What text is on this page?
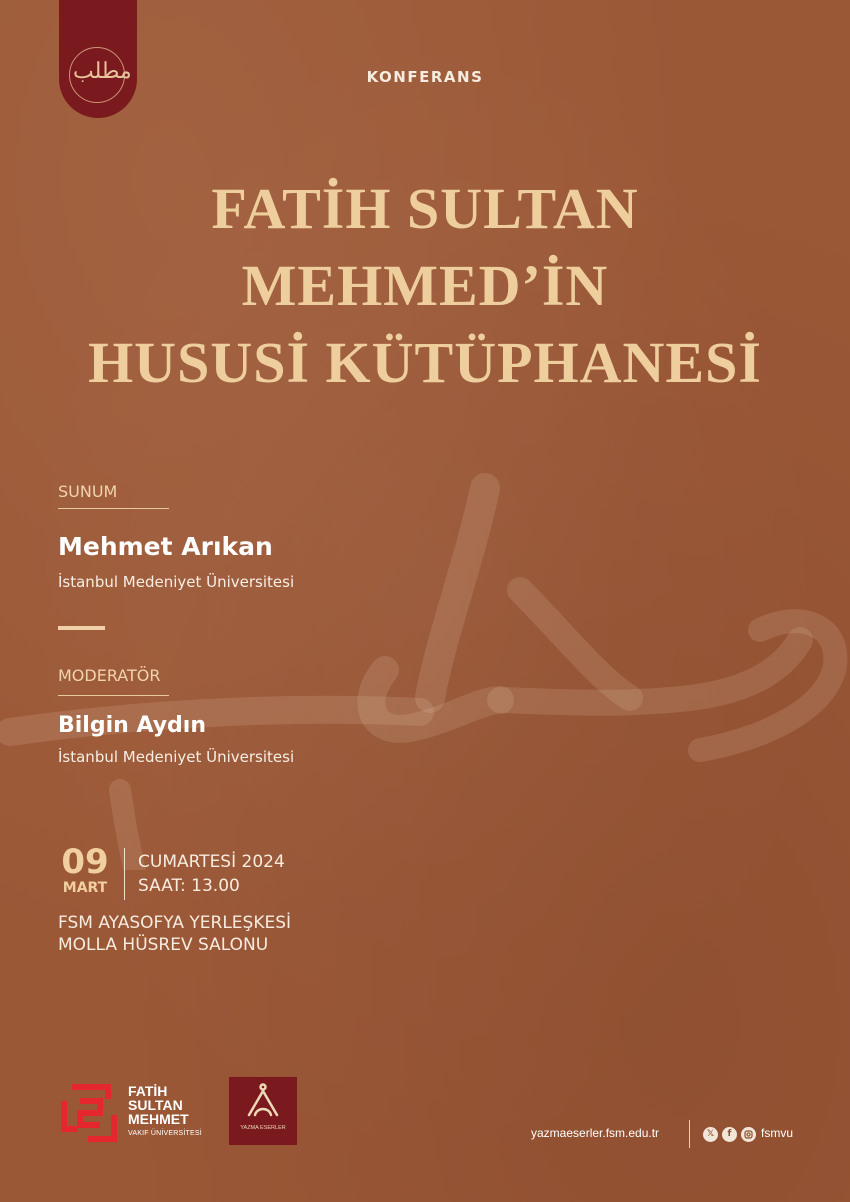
مطلب	KONFERANS
FATİH SULTAN
MEHMED’İN
HUSUSİ KÜTÜPHANESİ
SUNUM
Mehmet Arıkan
İstanbul Medeniyet Üniversitesi
MODERATÖR
Bilgin Aydın
İstanbul Medeniyet Üniversitesi
09
MART
CUMARTESİ 2024
SAAT: 13.00
FSM AYASOFYA YERLEŞKESİ
MOLLA HÜSREV SALONU
FATİH
SULTAN
MEHMET
VAKIF ÜNİVERSİTESİ
YAZMA ESERLER	yazmaeserler.fsm.edu.tr	𝕏	f	fsmvu
